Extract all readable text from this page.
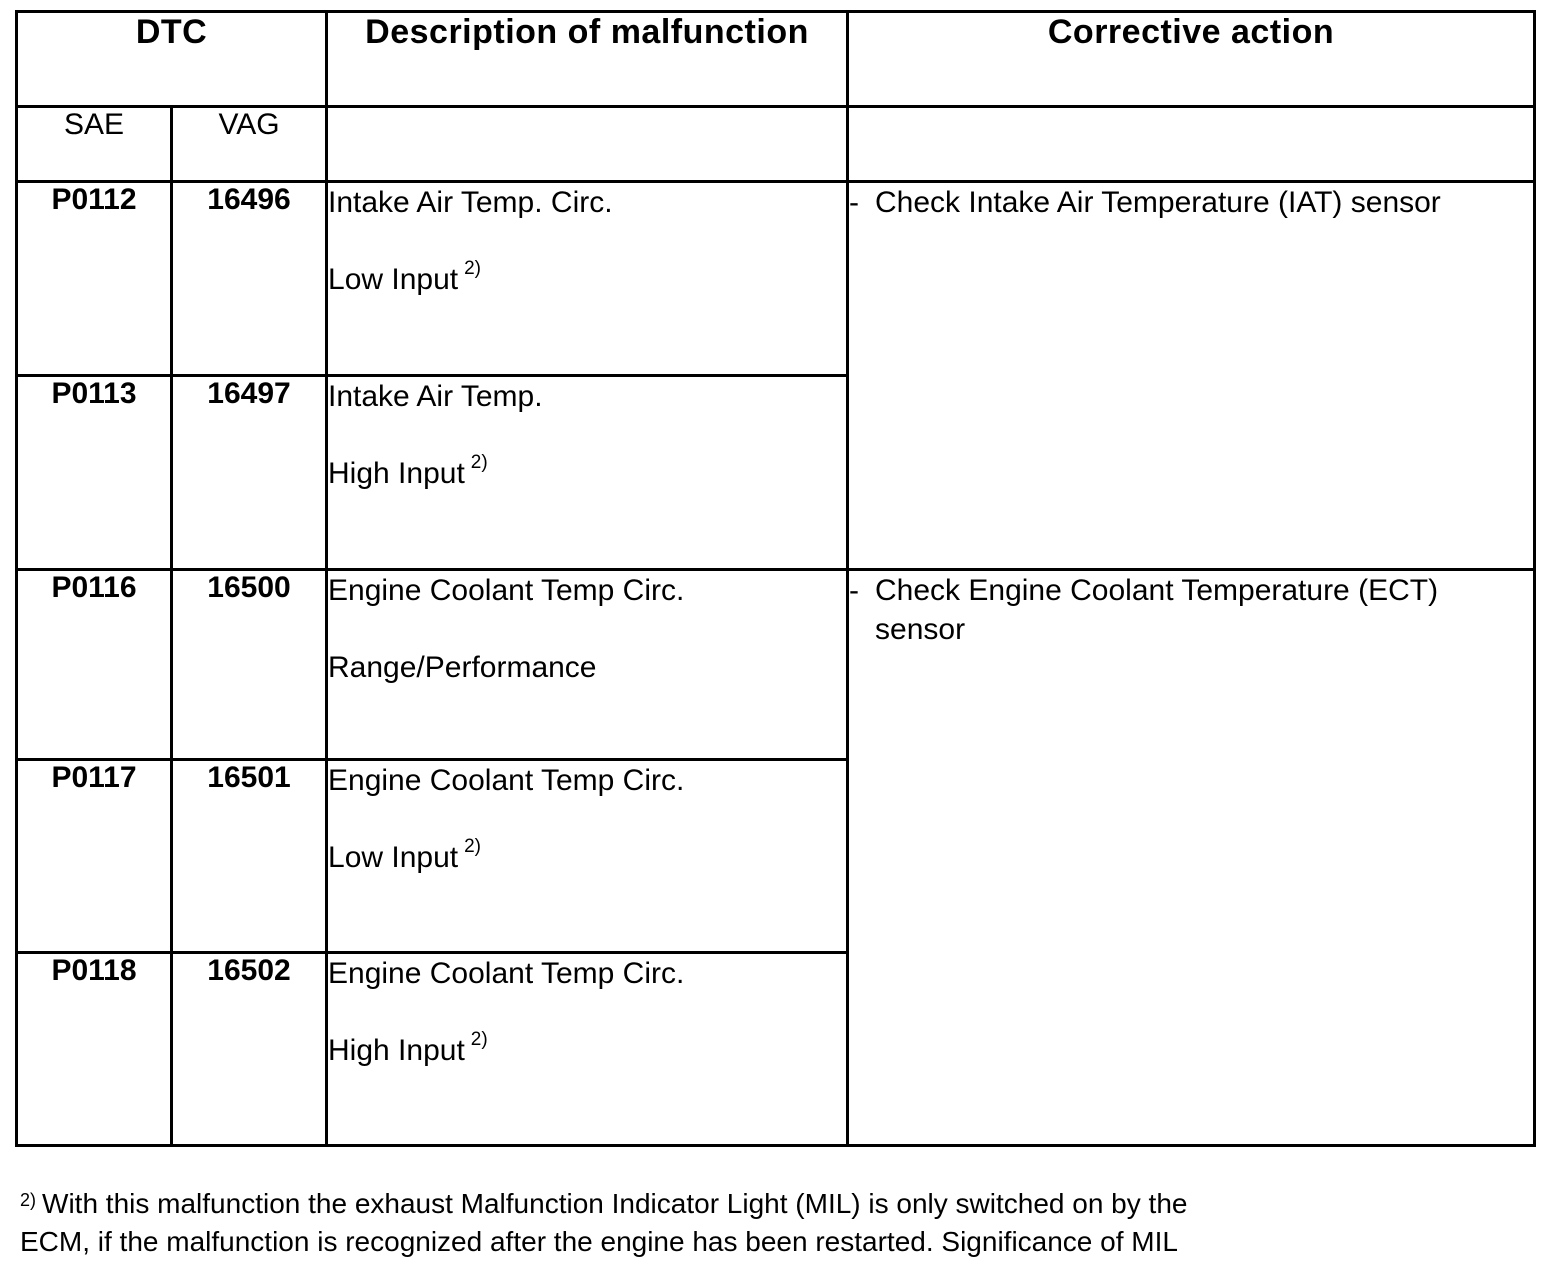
DTC		Description of malfunction	Corrective action
SAE	VAG		
P0112	16496	Intake Air Temp. Circ.
Low Input $^{2)}$	- Check Intake Air Temperature (IAT) sensor

P0113	16497	Intake Air Temp.
High Input $^{2)}$

P0116	16500	Engine Coolant Temp Circ.
Range/Performance	- Check Engine Coolant Temperature (ECT) sensor

P0117	16501	Engine Coolant Temp Circ.
Low Input $^{2)}$

P0118	16502	Engine Coolant Temp Circ.
High Input $^{2)}$
$^{2)}$ With this malfunction the exhaust Malfunction Indicator Light (MIL) is only switched on by the
ECM, if the malfunction is recognized after the engine has been restarted. Significance of MIL
